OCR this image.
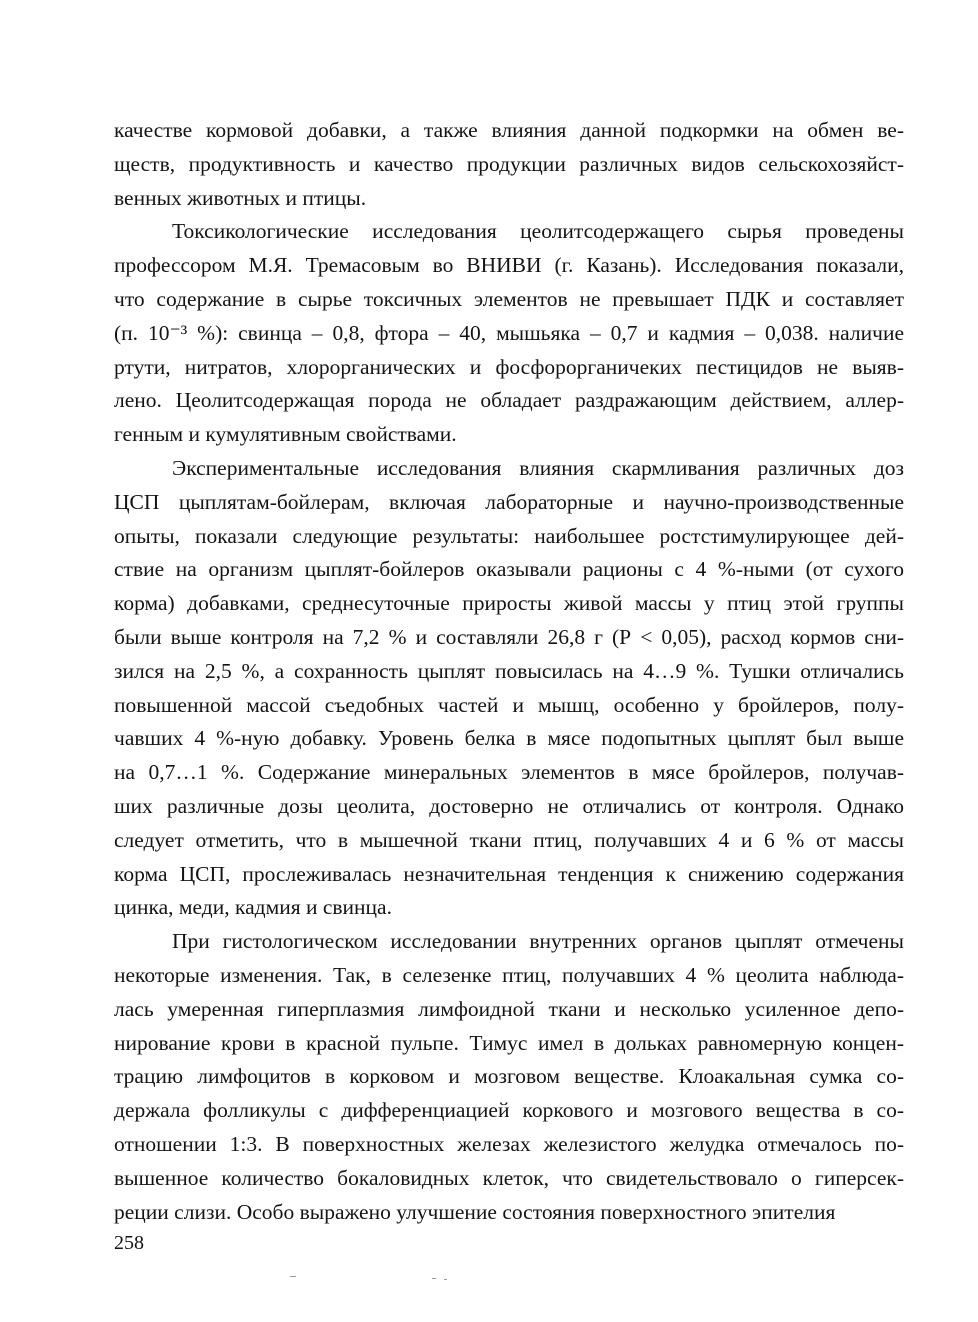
качестве кормовой добавки, а также влияния данной подкормки на обмен ве-
ществ, продуктивность и качество продукции различных видов сельскохозяйст-
венных животных и птицы.

Токсикологические исследования цеолитсодержащего сырья проведены
профессором М.Я. Тремасовым во ВНИВИ (г. Казань). Исследования показали,
что содержание в сырье токсичных элементов не превышает ПДК и составляет
(п. 10⁻³ %): свинца – 0,8, фтора – 40, мышьяка – 0,7 и кадмия – 0,038. наличие
ртути, нитратов, хлорорганических и фосфорорганичеких пестицидов не выяв-
лено. Цеолитсодержащая порода не обладает раздражающим действием, аллер-
генным и кумулятивным свойствами.

Экспериментальные исследования влияния скармливания различных доз
ЦСП цыплятам-бойлерам, включая лабораторные и научно-производственные
опыты, показали следующие результаты: наибольшее ростстимулирующее дей-
ствие на организм цыплят-бойлеров оказывали рационы с 4 %-ными (от сухого
корма) добавками, среднесуточные приросты живой массы у птиц этой группы
были выше контроля на 7,2 % и составляли 26,8 г (Р < 0,05), расход кормов сни-
зился на 2,5 %, а сохранность цыплят повысилась на 4…9 %. Тушки отличались
повышенной массой съедобных частей и мышц, особенно у бройлеров, полу-
чавших 4 %-ную добавку. Уровень белка в мясе подопытных цыплят был выше
на 0,7…1 %. Содержание минеральных элементов в мясе бройлеров, получав-
ших различные дозы цеолита, достоверно не отличались от контроля. Однако
следует отметить, что в мышечной ткани птиц, получавших 4 и 6 % от массы
корма ЦСП, прослеживалась незначительная тенденция к снижению содержания
цинка, меди, кадмия и свинца.

При гистологическом исследовании внутренних органов цыплят отмечены
некоторые изменения. Так, в селезенке птиц, получавших 4 % цеолита наблюда-
лась умеренная гиперплазмия лимфоидной ткани и несколько усиленное депо-
нирование крови в красной пульпе. Тимус имел в дольках равномерную концен-
трацию лимфоцитов в корковом и мозговом веществе. Клоакальная сумка со-
держала фолликулы с дифференциацией коркового и мозгового вещества в со-
отношении 1:3. В поверхностных железах железистого желудка отмечалось по-
вышенное количество бокаловидных клеток, что свидетельствовало о гиперсек-
реции слизи. Особо выражено улучшение состояния поверхностного эпителия

258
